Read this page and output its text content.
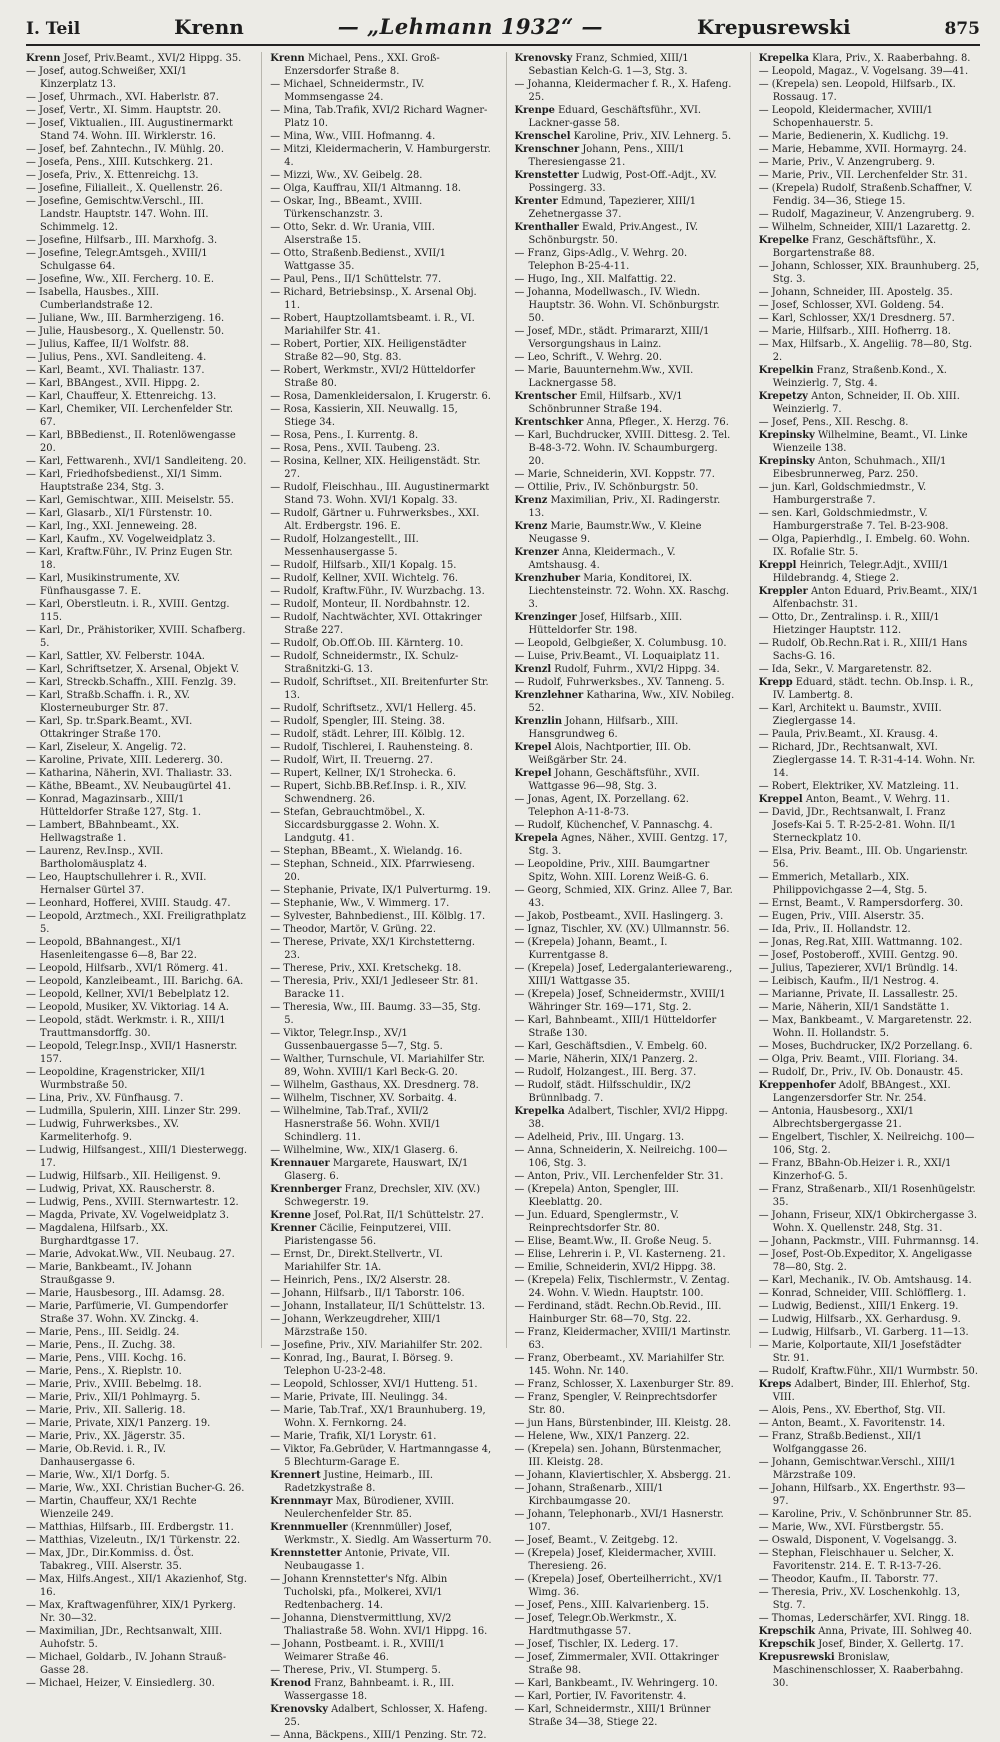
I. Teil	Krenn	— „Lehmann 1932“ —	Krepusrewski	875
Krenn Josef, Priv.Beamt., XVI/2 Hippg. 35.
— Josef, autog.Schweißer, XXI/1 Kinzerplatz 13.
— Josef, Uhrmach., XVI. Haberlstr. 87.
— Josef, Vertr., XI. Simm. Hauptstr. 20.
— Josef, Viktualien., III. Augustinermarkt Stand 74. Wohn. III. Wirklerstr. 16.
— Josef, bef. Zahntechn., IV. Mühlg. 20.
— Josefa, Pens., XIII. Kutschkerg. 21.
— Josefa, Priv., X. Ettenreichg. 13.
— Josefine, Filialleit., X. Quellenstr. 26.
— Josefine, Gemischtw.Verschl., III. Landstr. Hauptstr. 147. Wohn. III. Schimmelg. 12.
— Josefine, Hilfsarb., III. Marxhofg. 3.
— Josefine, Telegr.Amtsgeh., XVIII/1 Schulgasse 64.
— Josefine, Ww., XII. Fercherg. 10. E.
— Isabella, Hausbes., XIII. Cumberlandstraße 12.
— Juliane, Ww., III. Barmherzigeng. 16.
— Julie, Hausbesorg., X. Quellenstr. 50.
— Julius, Kaffee, II/1 Wolfstr. 88.
— Julius, Pens., XVI. Sandleiteng. 4.
— Karl, Beamt., XVI. Thaliastr. 137.
— Karl, BBAngest., XVII. Hippg. 2.
— Karl, Chauffeur, X. Ettenreichg. 13.
— Karl, Chemiker, VII. Lerchenfelder Str. 67.
— Karl, BBBedienst., II. Rotenlöwengasse 20.
— Karl, Fettwarenh., XVI/1 Sandleiteng. 20.
— Karl, Friedhofsbedienst., XI/1 Simm. Hauptstraße 234, Stg. 3.
— Karl, Gemischtwar., XIII. Meiselstr. 55.
— Karl, Glasarb., XI/1 Fürstenstr. 10.
— Karl, Ing., XXI. Jenneweing. 28.
— Karl, Kaufm., XV. Vogelweidplatz 3.
— Karl, Kraftw.Führ., IV. Prinz Eugen Str. 18.
— Karl, Musikinstrumente, XV. Fünfhausgasse 7. E.
— Karl, Oberstleutn. i. R., XVIII. Gentzg. 115.
— Karl, Dr., Prähistoriker, XVIII. Schafberg. 5.
— Karl, Sattler, XV. Felberstr. 104A.
— Karl, Schriftsetzer, X. Arsenal, Objekt V.
— Karl, Streckb.Schaffn., XIII. Fenzlg. 39.
— Karl, Straßb.Schaffn. i. R., XV. Klosterneuburger Str. 87.
— Karl, Sp. tr.Spark.Beamt., XVI. Ottakringer Straße 170.
— Karl, Ziseleur, X. Angelig. 72.
— Karoline, Private, XIII. Ledererg. 30.
— Katharina, Näherin, XVI. Thaliastr. 33.
— Käthe, BBeamt., XV. Neubaugürtel 41.
— Konrad, Magazinsarb., XIII/1 Hütteldorfer Straße 127, Stg. 1.
— Lambert, BBahnbeamt., XX. Hellwagstraße 1.
— Laurenz, Rev.Insp., XVII. Bartholomäusplatz 4.
— Leo, Hauptschullehrer i. R., XVII. Hernalser Gürtel 37.
— Leonhard, Hofferei, XVIII. Staudg. 47.
— Leopold, Arztmech., XXI. Freiligrathplatz 5.
— Leopold, BBahnangest., XI/1 Hasenleitengasse 6—8, Bar 22.
— Leopold, Hilfsarb., XVI/1 Römerg. 41.
— Leopold, Kanzleibeamt., III. Barichg. 6A.
— Leopold, Kellner, XVI/1 Bebelplatz 12.
— Leopold, Musiker, XV. Viktoriag. 14 A.
— Leopold, städt. Werkmstr. i. R., XIII/1 Trauttmansdorffg. 30.
— Leopold, Telegr.Insp., XVII/1 Hasnerstr. 157.
— Leopoldine, Kragenstricker, XII/1 Wurmbstraße 50.
— Lina, Priv., XV. Fünfhausg. 7.
— Ludmilla, Spulerin, XIII. Linzer Str. 299.
— Ludwig, Fuhrwerksbes., XV. Karmeliterhofg. 9.
— Ludwig, Hilfsangest., XIII/1 Diesterwegg. 17.
— Ludwig, Hilfsarb., XII. Heiligenst. 9.
— Ludwig, Privat, XX. Rauscherstr. 8.
— Ludwig, Pens., XVIII. Sternwartestr. 12.
— Magda, Private, XV. Vogelweidplatz 3.
— Magdalena, Hilfsarb., XX. Burghardtgasse 17.
— Marie, Advokat.Ww., VII. Neubaug. 27.
— Marie, Bankbeamt., IV. Johann Straußgasse 9.
— Marie, Hausbesorg., III. Adamsg. 28.
— Marie, Parfümerie, VI. Gumpendorfer Straße 37. Wohn. XV. Zinckg. 4.
— Marie, Pens., III. Seidlg. 24.
— Marie, Pens., II. Zuchg. 38.
— Marie, Pens., VIII. Kochg. 16.
— Marie, Pens., X. Rieplstr. 10.
— Marie, Priv., XVIII. Bebelmg. 18.
— Marie, Priv., XII/1 Pohlmayrg. 5.
— Marie, Priv., XII. Sallerig. 18.
— Marie, Private, XIX/1 Panzerg. 19.
— Marie, Priv., XX. Jägerstr. 35.
— Marie, Ob.Revid. i. R., IV. Danhausergasse 6.
— Marie, Ww., XI/1 Dorfg. 5.
— Marie, Ww., XXI. Christian Bucher-G. 26.
— Martin, Chauffeur, XX/1 Rechte Wienzeile 249.
— Matthias, Hilfsarb., III. Erdbergstr. 11.
— Matthias, Vizeleutn., IX/1 Türkenstr. 22.
— Max, JDr., Dir.Kommiss. d. Öst. Tabakreg., VIII. Alserstr. 35.
— Max, Hilfs.Angest., XII/1 Akazienhof, Stg. 16.
— Max, Kraftwagenführer, XIX/1 Pyrkerg. Nr. 30—32.
— Maximilian, JDr., Rechtsanwalt, XIII. Auhofstr. 5.
— Michael, Goldarb., IV. Johann Strauß-Gasse 28.
— Michael, Heizer, V. Einsiedlerg. 30.
Krenn Michael, Pens., XXI. Groß-Enzersdorfer Straße 8.
— Michael, Schneidermstr., IV. Mommsengasse 24.
— Mina, Tab.Trafik, XVI/2 Richard Wagner-Platz 10.
— Mina, Ww., VIII. Hofmanng. 4.
— Mitzi, Kleidermacherin, V. Hamburgerstr. 4.
— Mizzi, Ww., XV. Geibelg. 28.
— Olga, Kauffrau, XII/1 Altmanng. 18.
— Oskar, Ing., BBeamt., XVIII. Türkenschanzstr. 3.
— Otto, Sekr. d. Wr. Urania, VIII. Alserstraße 15.
— Otto, Straßenb.Bedienst., XVII/1 Wattgasse 35.
— Paul, Pens., II/1 Schüttelstr. 77.
— Richard, Betriebsinsp., X. Arsenal Obj. 11.
— Robert, Hauptzollamtsbeamt. i. R., VI. Mariahilfer Str. 41.
— Robert, Portier, XIX. Heiligenstädter Straße 82—90, Stg. 83.
— Robert, Werkmstr., XVI/2 Hütteldorfer Straße 80.
— Rosa, Damenkleidersalon, I. Krugerstr. 6.
— Rosa, Kassierin, XII. Neuwallg. 15, Stiege 34.
— Rosa, Pens., I. Kurrentg. 8.
— Rosa, Pens., XVII. Taubeng. 23.
— Rosina, Kellner, XIX. Heiligenstädt. Str. 27.
— Rudolf, Fleischhau., III. Augustinermarkt Stand 73. Wohn. XVI/1 Kopalg. 33.
— Rudolf, Gärtner u. Fuhrwerksbes., XXI. Alt. Erdbergstr. 196. E.
— Rudolf, Holzangestellt., III. Messenhausergasse 5.
— Rudolf, Hilfsarb., XII/1 Kopalg. 15.
— Rudolf, Kellner, XVII. Wichtelg. 76.
— Rudolf, Kraftw.Führ., IV. Wurzbachg. 13.
— Rudolf, Monteur, II. Nordbahnstr. 12.
— Rudolf, Nachtwächter, XVI. Ottakringer Straße 227.
— Rudolf, Ob.Off.Ob. III. Kärnterg. 10.
— Rudolf, Schneidermstr., IX. Schulz-Straßnitzki-G. 13.
— Rudolf, Schriftset., XII. Breitenfurter Str. 13.
— Rudolf, Schriftsetz., XVI/1 Hellerg. 45.
— Rudolf, Spengler, III. Steing. 38.
— Rudolf, städt. Lehrer, III. Kölblg. 12.
— Rudolf, Tischlerei, I. Rauhensteing. 8.
— Rudolf, Wirt, II. Treuerng. 27.
— Rupert, Kellner, IX/1 Strohecka. 6.
— Rupert, Sichb.BB.Ref.Insp. i. R., XIV. Schwendnerg. 26.
— Stefan, Gebrauchtmöbel., X. Siccardsburggasse 2. Wohn. X. Landgutg. 41.
— Stephan, BBeamt., X. Wielandg. 16.
— Stephan, Schneid., XIX. Pfarrwieseng. 20.
— Stephanie, Private, IX/1 Pulverturmg. 19.
— Stephanie, Ww., V. Wimmerg. 17.
— Sylvester, Bahnbedienst., III. Kölblg. 17.
— Theodor, Martör, V. Grüng. 22.
— Therese, Private, XX/1 Kirchstetterng. 23.
— Therese, Priv., XXI. Kretschekg. 18.
— Theresia, Priv., XXI/1 Jedleseer Str. 81. Baracke 11.
— Theresia, Ww., III. Baumg. 33—35, Stg. 5.
— Viktor, Telegr.Insp., XV/1 Gussenbauergasse 5—7, Stg. 5.
— Walther, Turnschule, VI. Mariahilfer Str. 89, Wohn. XVIII/1 Karl Beck-G. 20.
— Wilhelm, Gasthaus, XX. Dresdnerg. 78.
— Wilhelm, Tischner, XV. Sorbaitg. 4.
— Wilhelmine, Tab.Traf., XVII/2 Hasnerstraße 56. Wohn. XVII/1 Schindlerg. 11.
— Wilhelmine, Ww., XIX/1 Glaserg. 6.
Krennauer Margarete, Hauswart, IX/1 Glaserg. 6.
Krennberger Franz, Drechsler, XIV. (XV.) Schwegerstr. 19.
Krenne Josef, Pol.Rat, II/1 Schüttelstr. 27.
Krenner Cäcilie, Feinputzerei, VIII. Piaristengasse 56.
— Ernst, Dr., Direkt.Stellvertr., VI. Mariahilfer Str. 1A.
— Heinrich, Pens., IX/2 Alserstr. 28.
— Johann, Hilfsarb., II/1 Taborstr. 106.
— Johann, Installateur, II/1 Schüttelstr. 13.
— Johann, Werkzeugdreher, XIII/1 Märzstraße 150.
— Josefine, Priv., XIV. Mariahilfer Str. 202.
— Konrad, Ing., Baurat, I. Börseg. 9. Telephon U-23-2-48.
— Leopold, Schlosser, XVI/1 Hutteng. 51.
— Marie, Private, III. Neulingg. 34.
— Marie, Tab.Traf., XX/1 Braunhuberg. 19, Wohn. X. Fernkorng. 24.
— Marie, Trafik, XI/1 Lorystr. 61.
— Viktor, Fa.Gebrüder, V. Hartmanngasse 4, 5 Blechturm-Garage E.
Krennert Justine, Heimarb., III. Radetzkystraße 8.
Krennmayr Max, Bürodiener, XVIII. Neulerchenfelder Str. 85.
Krennmueller (Krennmüller) Josef, Werkmstr., X. Siedlg. Am Wasserturm 70.
Krennstetter Antonie, Private, VII. Neubaugasse 1.
— Johann Krennstetter's Nfg. Albin Tucholski, pfa., Molkerei, XVI/1 Redtenbacherg. 14.
— Johanna, Dienstvermittlung, XV/2 Thaliastraße 58. Wohn. XVI/1 Hippg. 16.
— Johann, Postbeamt. i. R., XVIII/1 Weimarer Straße 46.
— Therese, Priv., VI. Stumperg. 5.
Krenod Franz, Bahnbeamt. i. R., III. Wassergasse 18.
Krenovsky Adalbert, Schlosser, X. Hafeng. 25.
— Anna, Bäckpens., XIII/1 Penzing. Str. 72.
Krenovsky Franz, Schmied, XIII/1 Sebastian Kelch-G. 1—3, Stg. 3.
— Johanna, Kleidermacher f. R., X. Hafeng. 25.
Krenpe Eduard, Geschäftsführ., XVI. Lackner-gasse 58.
Krenschel Karoline, Priv., XIV. Lehnerg. 5.
Krenschner Johann, Pens., XIII/1 Theresiengasse 21.
Krenstetter Ludwig, Post-Off.-Adjt., XV. Possingerg. 33.
Krenter Edmund, Tapezierer, XIII/1 Zehetnergasse 37.
Krenthaller Ewald, Priv.Angest., IV. Schönburgstr. 50.
— Franz, Gips-Adlg., V. Wehrg. 20. Telephon B-25-4-11.
— Hugo, Ing., XII. Malfattig. 22.
— Johanna, Modellwasch., IV. Wiedn. Hauptstr. 36. Wohn. VI. Schönburgstr. 50.
— Josef, MDr., städt. Primararzt, XIII/1 Versorgungshaus in Lainz.
— Leo, Schrift., V. Wehrg. 20.
— Marie, Bauunternehm.Ww., XVII. Lacknergasse 58.
Krentscher Emil, Hilfsarb., XV/1 Schönbrunner Straße 194.
Krentschker Anna, Pfleger., X. Herzg. 76.
— Karl, Buchdrucker, XVIII. Dittesg. 2. Tel. B-48-3-72. Wohn. IV. Schaumburgerg. 20.
— Marie, Schneiderin, XVI. Koppstr. 77.
— Ottilie, Priv., IV. Schönburgstr. 50.
Krenz Maximilian, Priv., XI. Radingerstr. 13.
Krenz Marie, Baumstr.Ww., V. Kleine Neugasse 9.
Krenzer Anna, Kleidermach., V. Amtshausg. 4.
Krenzhuber Maria, Konditorei, IX. Liechtensteinstr. 72. Wohn. XX. Raschg. 3.
Krenzinger Josef, Hilfsarb., XIII. Hütteldorfer Str. 198.
— Leopold, Gelbgießer, X. Columbusg. 10.
— Luise, Priv.Beamt., VI. Loquaiplatz 11.
Krenzl Rudolf, Fuhrm., XVI/2 Hippg. 34.
— Rudolf, Fuhrwerksbes., XV. Tanneng. 5.
Krenzlehner Katharina, Ww., XIV. Nobileg. 52.
Krenzlin Johann, Hilfsarb., XIII. Hansgrundweg 6.
Krepel Alois, Nachtportier, III. Ob. Weißgärber Str. 24.
Krepel Johann, Geschäftsführ., XVII. Wattgasse 96—98, Stg. 3.
— Jonas, Agent, IX. Porzellang. 62. Telephon A-11-8-73.
— Rudolf, Küchenchef, V. Pannaschg. 4.
Krepela Agnes, Näher., XVIII. Gentzg. 17, Stg. 3.
— Leopoldine, Priv., XIII. Baumgartner Spitz, Wohn. XIII. Lorenz Weiß-G. 6.
— Georg, Schmied, XIX. Grinz. Allee 7, Bar. 43.
— Jakob, Postbeamt., XVII. Haslingerg. 3.
— Ignaz, Tischler, XV. (XV.) Ullmannstr. 56.
— (Krepela) Johann, Beamt., I. Kurrentgasse 8.
— (Krepela) Josef, Ledergalanteriewareng., XIII/1 Wattgasse 35.
— (Krepela) Josef, Schneidermstr., XVIII/1 Währinger Str. 169—171, Stg. 2.
— Karl, Bahnbeamt., XIII/1 Hütteldorfer Straße 130.
— Karl, Geschäftsdien., V. Embelg. 60.
— Marie, Näherin, XIX/1 Panzerg. 2.
— Rudolf, Holzangest., III. Berg. 37.
— Rudolf, städt. Hilfsschuldir., IX/2 Brünnlbadg. 7.
Krepelka Adalbert, Tischler, XVI/2 Hippg. 38.
— Adelheid, Priv., III. Ungarg. 13.
— Anna, Schneiderin, X. Neilreichg. 100—106, Stg. 3.
— Anton, Priv., VII. Lerchenfelder Str. 31.
— (Krepela) Anton, Spengler, III. Kleeblattg. 20.
— Jun. Eduard, Spenglermstr., V. Reinprechtsdorfer Str. 80.
— Elise, Beamt.Ww., II. Große Neug. 5.
— Elise, Lehrerin i. P., VI. Kasterneng. 21.
— Emilie, Schneiderin, XVI/2 Hippg. 38.
— (Krepela) Felix, Tischlermstr., V. Zentag. 24. Wohn. V. Wiedn. Hauptstr. 100.
— Ferdinand, städt. Rechn.Ob.Revid., III. Hainburger Str. 68—70, Stg. 22.
— Franz, Kleidermacher, XVIII/1 Martinstr. 63.
— Franz, Oberbeamt., XV. Mariahilfer Str. 145. Wohn. Nr. 140.
— Franz, Schlosser, X. Laxenburger Str. 89.
— Franz, Spengler, V. Reinprechtsdorfer Str. 80.
— jun Hans, Bürstenbinder, III. Kleistg. 28.
— Helene, Ww., XIX/1 Panzerg. 22.
— (Krepela) sen. Johann, Bürstenmacher, III. Kleistg. 28.
— Johann, Klaviertischler, X. Absbergg. 21.
— Johann, Straßenarb., XIII/1 Kirchbaumgasse 20.
— Johann, Telephonarb., XVI/1 Hasnerstr. 107.
— Josef, Beamt., V. Zeitgebg. 12.
— (Krepela) Josef, Kleidermacher, XVIII. Theresieng. 26.
— (Krepela) Josef, Oberteilherricht., XV/1 Wimg. 36.
— Josef, Pens., XIII. Kalvarienberg. 15.
— Josef, Telegr.Ob.Werkmstr., X. Hardtmuthgasse 57.
— Josef, Tischler, IX. Lederg. 17.
— Josef, Zimmermaler, XVII. Ottakringer Straße 98.
— Karl, Bankbeamt., IV. Wehringerg. 10.
— Karl, Portier, IV. Favoritenstr. 4.
— Karl, Schneidermstr., XIII/1 Brünner Straße 34—38, Stiege 22.
Krepelka Klara, Priv., X. Raaberbahng. 8.
— Leopold, Magaz., V. Vogelsang. 39—41.
— (Krepela) sen. Leopold, Hilfsarb., IX. Rossaug. 17.
— Leopold, Kleidermacher, XVIII/1 Schopenhauerstr. 5.
— Marie, Bedienerin, X. Kudlichg. 19.
— Marie, Hebamme, XVII. Hormayrg. 24.
— Marie, Priv., V. Anzengruberg. 9.
— Marie, Priv., VII. Lerchenfelder Str. 31.
— (Krepela) Rudolf, Straßenb.Schaffner, V. Fendig. 34—36, Stiege 15.
— Rudolf, Magazineur, V. Anzengruberg. 9.
— Wilhelm, Schneider, XIII/1 Lazarettg. 2.
Krepelke Franz, Geschäftsführ., X. Borgartenstraße 88.
— Johann, Schlosser, XIX. Braunhuberg. 25, Stg. 3.
— Johann, Schneider, III. Apostelg. 35.
— Josef, Schlosser, XVI. Goldeng. 54.
— Karl, Schlosser, XX/1 Dresdnerg. 57.
— Marie, Hilfsarb., XIII. Hofherrg. 18.
— Max, Hilfsarb., X. Angeliig. 78—80, Stg. 2.
Krepelkin Franz, Straßenb.Kond., X. Weinzierlg. 7, Stg. 4.
Krepetzy Anton, Schneider, II. Ob. XIII. Weinzierlg. 7.
— Josef, Pens., XII. Reschg. 8.
Krepinsky Wilhelmine, Beamt., VI. Linke Wienzeile 138.
Krepinsky Anton, Schuhmach., XII/1 Eibesbrunnerweg, Parz. 250.
— jun. Karl, Goldschmiedmstr., V. Hamburgerstraße 7.
— sen. Karl, Goldschmiedmstr., V. Hamburgerstraße 7. Tel. B-23-908.
— Olga, Papierhdlg., I. Embelg. 60. Wohn. IX. Rofalie Str. 5.
Kreppl Heinrich, Telegr.Adjt., XVIII/1 Hildebrandg. 4, Stiege 2.
Kreppler Anton Eduard, Priv.Beamt., XIX/1 Alfenbachstr. 31.
— Otto, Dr., Zentralinsp. i. R., XIII/1 Hietzinger Hauptstr. 112.
— Rudolf, Ob.Rechn.Rat i. R., XIII/1 Hans Sachs-G. 16.
— Ida, Sekr., V. Margaretenstr. 82.
Krepp Eduard, städt. techn. Ob.Insp. i. R., IV. Lambertg. 8.
— Karl, Architekt u. Baumstr., XVIII. Zieglergasse 14.
— Paula, Priv.Beamt., XI. Krausg. 4.
— Richard, JDr., Rechtsanwalt, XVI. Zieglergasse 14. T. R-31-4-14. Wohn. Nr. 14.
— Robert, Elektriker, XV. Matzleing. 11.
Kreppel Anton, Beamt., V. Wehrg. 11.
— David, JDr., Rechtsanwalt, I. Franz Josefs-Kai 5. T. R-25-2-81. Wohn. II/1 Sterneckplatz 10.
— Elsa, Priv. Beamt., III. Ob. Ungarienstr. 56.
— Emmerich, Metallarb., XIX. Philippovichgasse 2—4, Stg. 5.
— Ernst, Beamt., V. Rampersdorferg. 30.
— Eugen, Priv., VIII. Alserstr. 35.
— Ida, Priv., II. Hollandstr. 12.
— Jonas, Reg.Rat, XIII. Wattmanng. 102.
— Josef, Postoberoff., XVIII. Gentzg. 90.
— Julius, Tapezierer, XVI/1 Bründlg. 14.
— Leibisch, Kaufm., II/1 Nestrog. 4.
— Marianne, Private, II. Lassallestr. 25.
— Marie, Näherin, XII/1 Sandstätte 1.
— Max, Bankbeamt., V. Margaretenstr. 22. Wohn. II. Hollandstr. 5.
— Moses, Buchdrucker, IX/2 Porzellang. 6.
— Olga, Priv. Beamt., VIII. Floriang. 34.
— Rudolf, Dr., Priv., IV. Ob. Donaustr. 45.
Kreppenhofer Adolf, BBAngest., XXI. Langenzersdorfer Str. Nr. 254.
— Antonia, Hausbesorg., XXI/1 Albrechtsbergergasse 21.
— Engelbert, Tischler, X. Neilreichg. 100—106, Stg. 2.
— Franz, BBahn-Ob.Heizer i. R., XXI/1 Kinzerhof-G. 5.
— Franz, Straßenarb., XII/1 Rosenhügelstr. 35.
— Johann, Friseur, XIX/1 Obkirchergasse 3. Wohn. X. Quellenstr. 248, Stg. 31.
— Johann, Packmstr., VIII. Fuhrmannsg. 14.
— Josef, Post-Ob.Expeditor, X. Angeligasse 78—80, Stg. 2.
— Karl, Mechanik., IV. Ob. Amtshausg. 14.
— Konrad, Schneider, VIII. Schlöfflerg. 1.
— Ludwig, Bedienst., XIII/1 Enkerg. 19.
— Ludwig, Hilfsarb., XX. Gerhardusg. 9.
— Ludwig, Hilfsarb., VI. Garberg. 11—13.
— Marie, Kolportaute, XII/1 Josefstädter Str. 91.
— Rudolf, Kraftw.Führ., XII/1 Wurmbstr. 50.
Kreps Adalbert, Binder, III. Ehlerhof, Stg. VIII.
— Alois, Pens., XV. Eberthof, Stg. VII.
— Anton, Beamt., X. Favoritenstr. 14.
— Franz, Straßb.Bedienst., XII/1 Wolfganggasse 26.
— Johann, Gemischtwar.Verschl., XIII/1 Märzstraße 109.
— Johann, Hilfsarb., XX. Engerthstr. 93—97.
— Karoline, Priv., V. Schönbrunner Str. 85.
— Marie, Ww., XVI. Fürstbergstr. 55.
— Oswald, Disponent, V. Vogelsangg. 3.
— Stephan, Fleischhauer u. Selcher, X. Favoritenstr. 214. E. T. R-13-7-26.
— Theodor, Kaufm., II. Taborstr. 77.
— Theresia, Priv., XV. Loschenkohlg. 13, Stg. 7.
— Thomas, Lederschärfer, XVI. Ringg. 18.
Krepschik Anna, Private, III. Sohlweg 40.
Krepschik Josef, Binder, X. Gellertg. 17.
Krepusrewski Bronislaw, Maschinenschlosser, X. Raaberbahng. 30.
